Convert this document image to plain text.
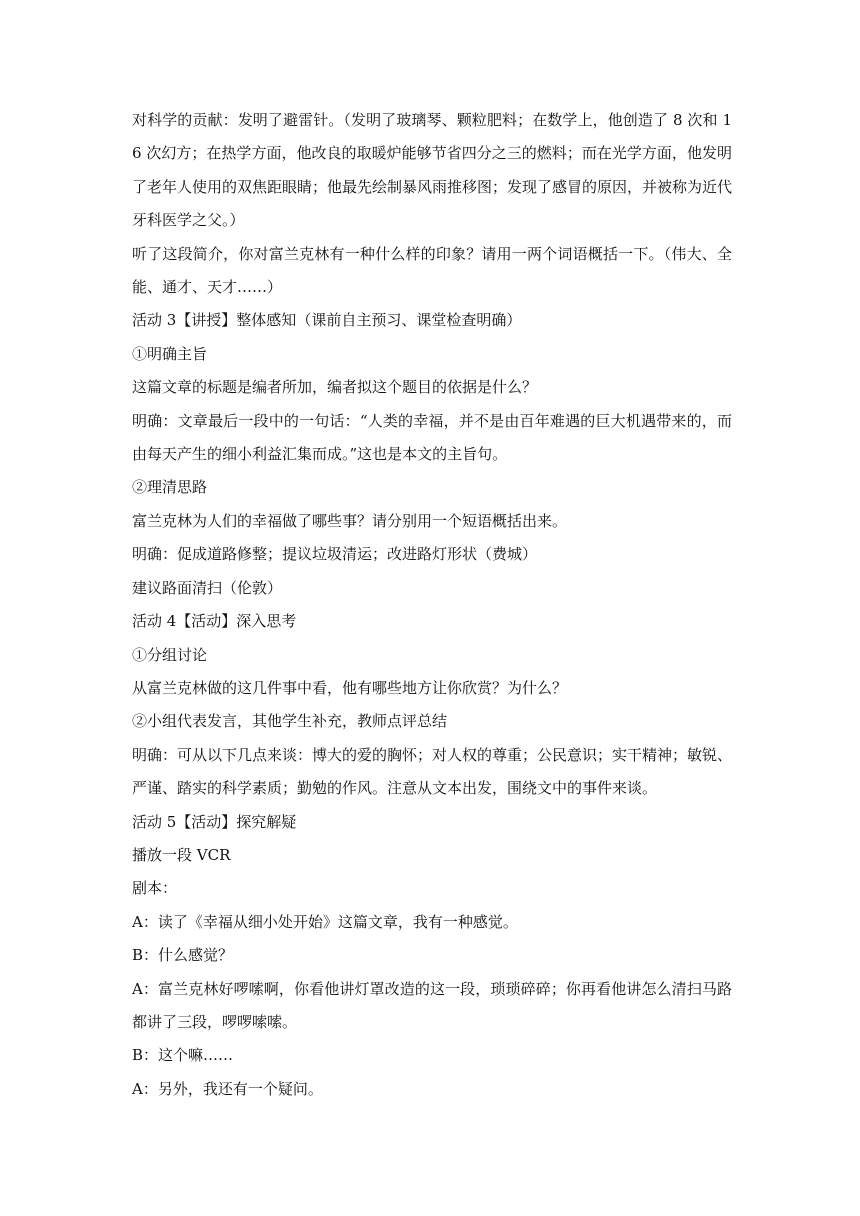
对科学的贡献：发明了避雷针。（发明了玻璃琴、颗粒肥料；在数学上，他创造了 8 次和 16 次幻方；在热学方面，他改良的取暖炉能够节省四分之三的燃料；而在光学方面，他发明了老年人使用的双焦距眼睛；他最先绘制暴风雨推移图；发现了感冒的原因，并被称为近代牙科医学之父。）

听了这段简介，你对富兰克林有一种什么样的印象？请用一两个词语概括一下。（伟大、全能、通才、天才……）

活动 3【讲授】整体感知（课前自主预习、课堂检查明确）

①明确主旨

这篇文章的标题是编者所加，编者拟这个题目的依据是什么？

明确：文章最后一段中的一句话：“人类的幸福，并不是由百年难遇的巨大机遇带来的，而由每天产生的细小利益汇集而成。”这也是本文的主旨句。

②理清思路

富兰克林为人们的幸福做了哪些事？请分别用一个短语概括出来。

明确：促成道路修整；提议垃圾清运；改进路灯形状（费城）

建议路面清扫（伦敦）

活动 4【活动】深入思考

①分组讨论

从富兰克林做的这几件事中看，他有哪些地方让你欣赏？为什么？

②小组代表发言，其他学生补充，教师点评总结

明确：可从以下几点来谈：博大的爱的胸怀；对人权的尊重；公民意识；实干精神；敏锐、严谨、踏实的科学素质；勤勉的作风。注意从文本出发，围绕文中的事件来谈。

活动 5【活动】探究解疑

播放一段 VCR

剧本：

A：读了《幸福从细小处开始》这篇文章，我有一种感觉。

B：什么感觉？

A：富兰克林好啰嗦啊，你看他讲灯罩改造的这一段，琐琐碎碎；你再看他讲怎么清扫马路都讲了三段，啰啰嗦嗦。

B：这个嘛……

A：另外，我还有一个疑问。
